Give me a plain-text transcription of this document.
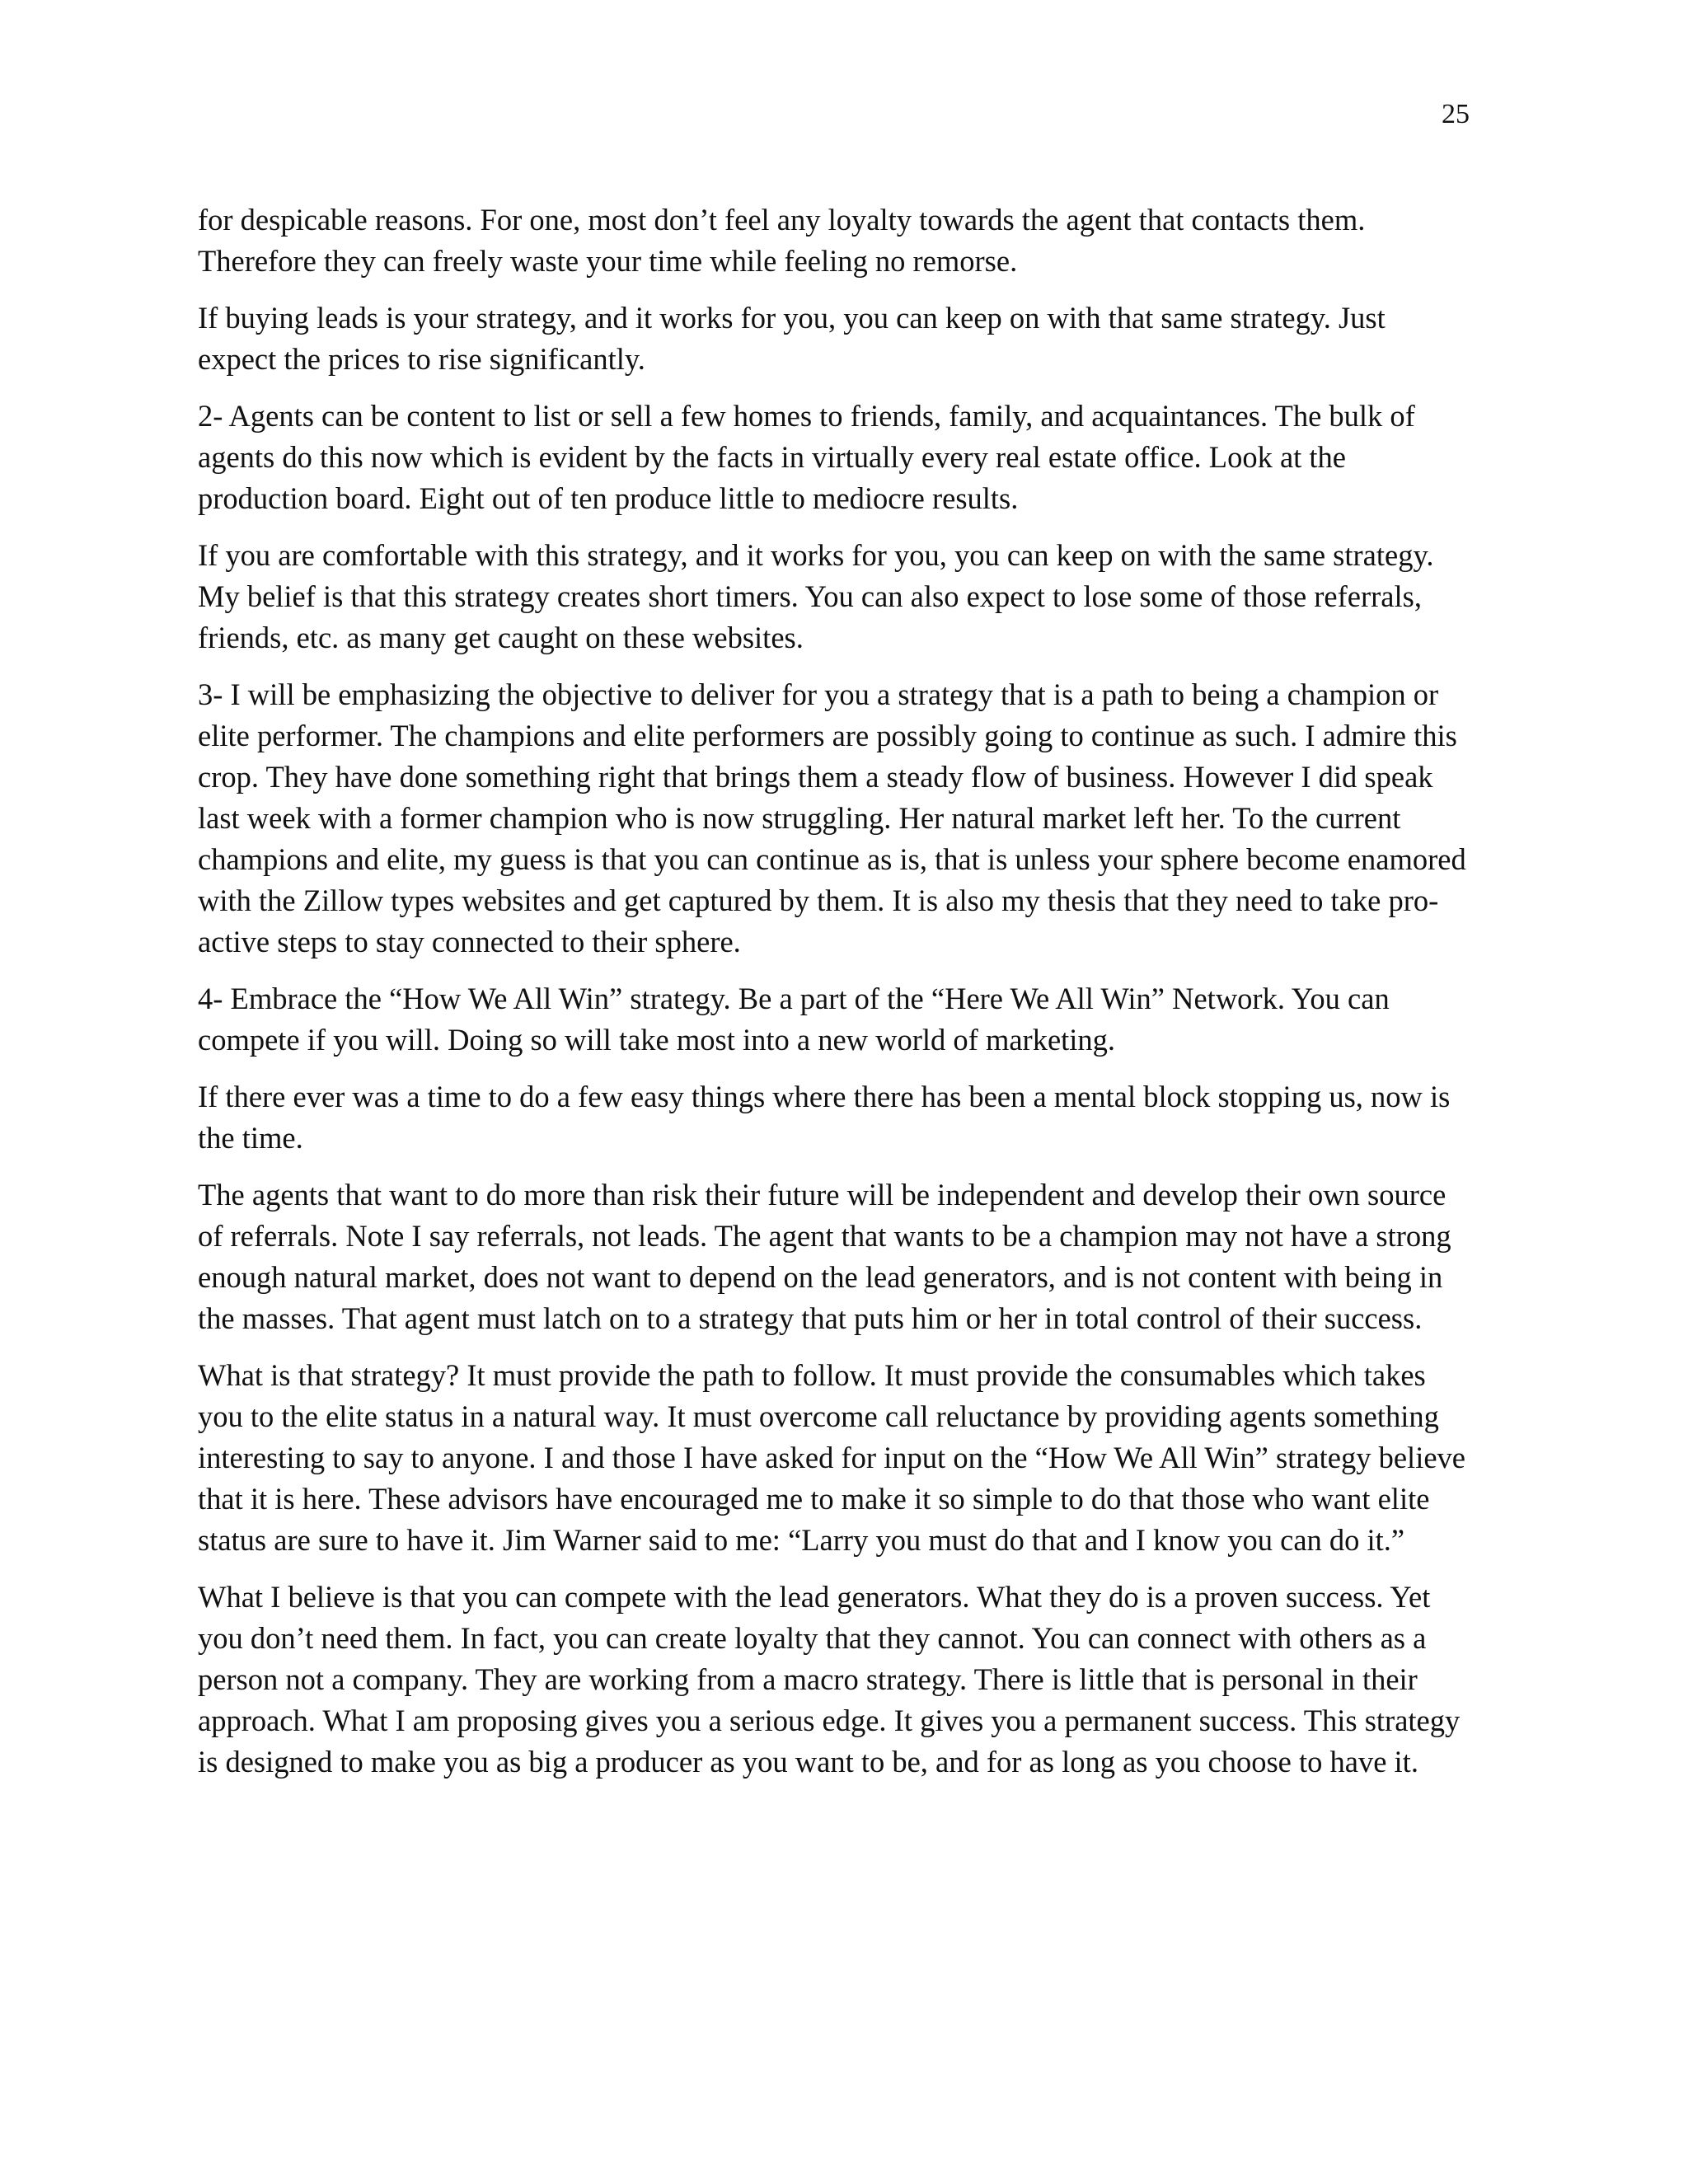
25

for despicable reasons. For one, most don’t feel any loyalty towards the agent that contacts them. Therefore they can freely waste your time while feeling no remorse.

If buying leads is your strategy, and it works for you, you can keep on with that same strategy. Just expect the prices to rise significantly.

2- Agents can be content to list or sell a few homes to friends, family, and acquaintances. The bulk of agents do this now which is evident by the facts in virtually every real estate office. Look at the production board. Eight out of ten produce little to mediocre results.

If you are comfortable with this strategy, and it works for you, you can keep on with the same strategy. My belief is that this strategy creates short timers. You can also expect to lose some of those referrals, friends, etc. as many get caught on these websites.

3- I will be emphasizing the objective to deliver for you a strategy that is a path to being a champion or elite performer. The champions and elite performers are possibly going to continue as such. I admire this crop. They have done something right that brings them a steady flow of business. However I did speak last week with a former champion who is now struggling. Her natural market left her. To the current champions and elite, my guess is that you can continue as is, that is unless your sphere become enamored with the Zillow types websites and get captured by them. It is also my thesis that they need to take pro-active steps to stay connected to their sphere.

4- Embrace the “How We All Win” strategy. Be a part of the “Here We All Win” Network. You can compete if you will. Doing so will take most into a new world of marketing.

If there ever was a time to do a few easy things where there has been a mental block stopping us, now is the time.

The agents that want to do more than risk their future will be independent and develop their own source of referrals. Note I say referrals, not leads. The agent that wants to be a champion may not have a strong enough natural market, does not want to depend on the lead generators, and is not content with being in the masses. That agent must latch on to a strategy that puts him or her in total control of their success.

What is that strategy? It must provide the path to follow. It must provide the consumables which takes you to the elite status in a natural way. It must overcome call reluctance by providing agents something interesting to say to anyone. I and those I have asked for input on the “How We All Win” strategy believe that it is here. These advisors have encouraged me to make it so simple to do that those who want elite status are sure to have it. Jim Warner said to me: “Larry you must do that and I know you can do it.”

What I believe is that you can compete with the lead generators. What they do is a proven success. Yet you don’t need them. In fact, you can create loyalty that they cannot. You can connect with others as a person not a company. They are working from a macro strategy. There is little that is personal in their approach. What I am proposing gives you a serious edge. It gives you a permanent success. This strategy is designed to make you as big a producer as you want to be, and for as long as you choose to have it.
